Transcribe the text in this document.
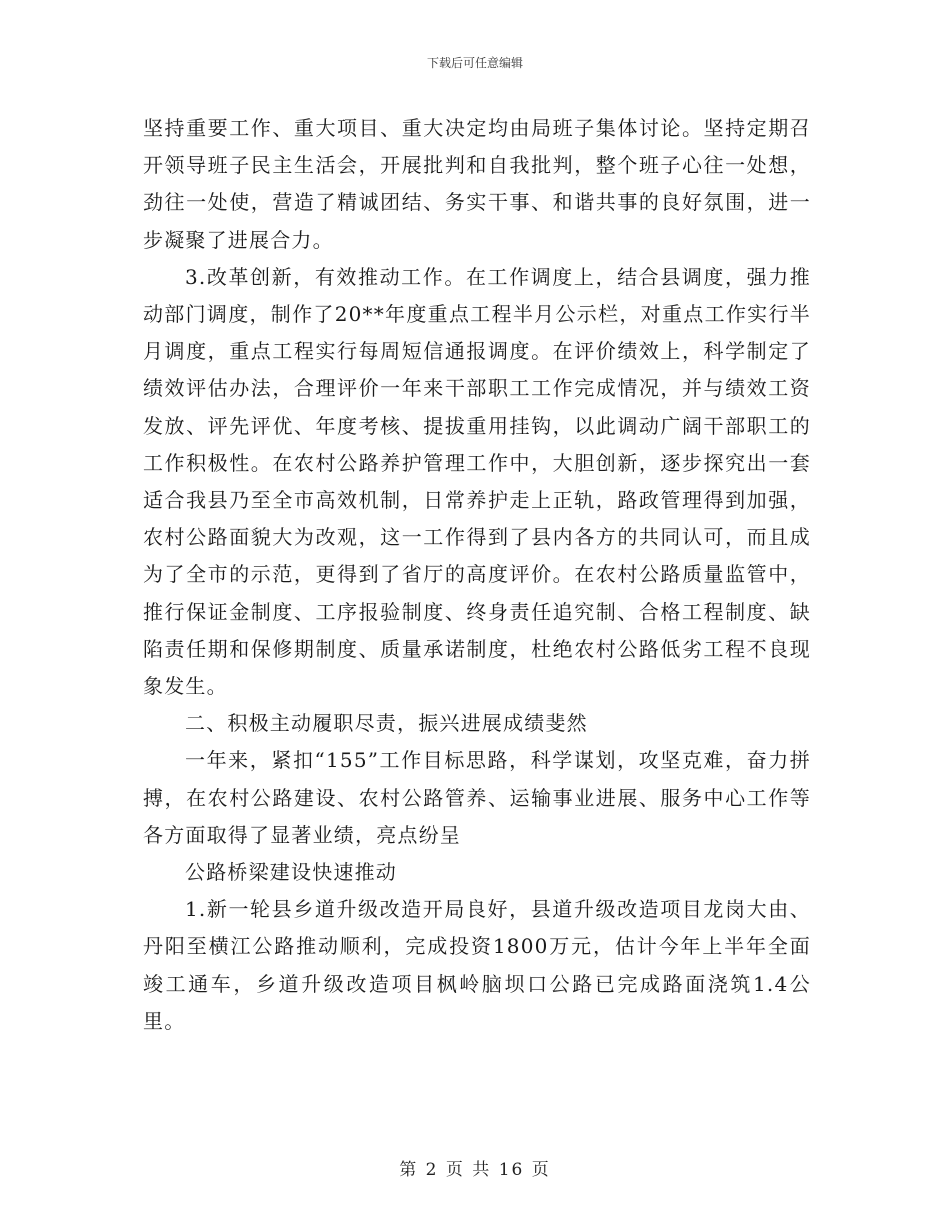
下载后可任意编辑

坚持重要工作、重大项目、重大决定均由局班子集体讨论。坚持定期召开领导班子民主生活会，开展批判和自我批判，整个班子心往一处想，劲往一处使，营造了精诚团结、务实干事、和谐共事的良好氛围，进一步凝聚了进展合力。

3.改革创新，有效推动工作。在工作调度上，结合县调度，强力推动部门调度，制作了20**年度重点工程半月公示栏，对重点工作实行半月调度，重点工程实行每周短信通报调度。在评价绩效上，科学制定了绩效评估办法，合理评价一年来干部职工工作完成情况，并与绩效工资发放、评先评优、年度考核、提拔重用挂钩，以此调动广阔干部职工的工作积极性。在农村公路养护管理工作中，大胆创新，逐步探究出一套适合我县乃至全市高效机制，日常养护走上正轨，路政管理得到加强，农村公路面貌大为改观，这一工作得到了县内各方的共同认可，而且成为了全市的示范，更得到了省厅的高度评价。在农村公路质量监管中，推行保证金制度、工序报验制度、终身责任追究制、合格工程制度、缺陷责任期和保修期制度、质量承诺制度，杜绝农村公路低劣工程不良现象发生。

二、积极主动履职尽责，振兴进展成绩斐然

一年来，紧扣“155”工作目标思路，科学谋划，攻坚克难，奋力拼搏，在农村公路建设、农村公路管养、运输事业进展、服务中心工作等各方面取得了显著业绩，亮点纷呈

公路桥梁建设快速推动

1.新一轮县乡道升级改造开局良好，县道升级改造项目龙岗大由、丹阳至横江公路推动顺利，完成投资1800万元，估计今年上半年全面竣工通车，乡道升级改造项目枫岭脑坝口公路已完成路面浇筑1.4公里。

第 2 页 共 16 页
